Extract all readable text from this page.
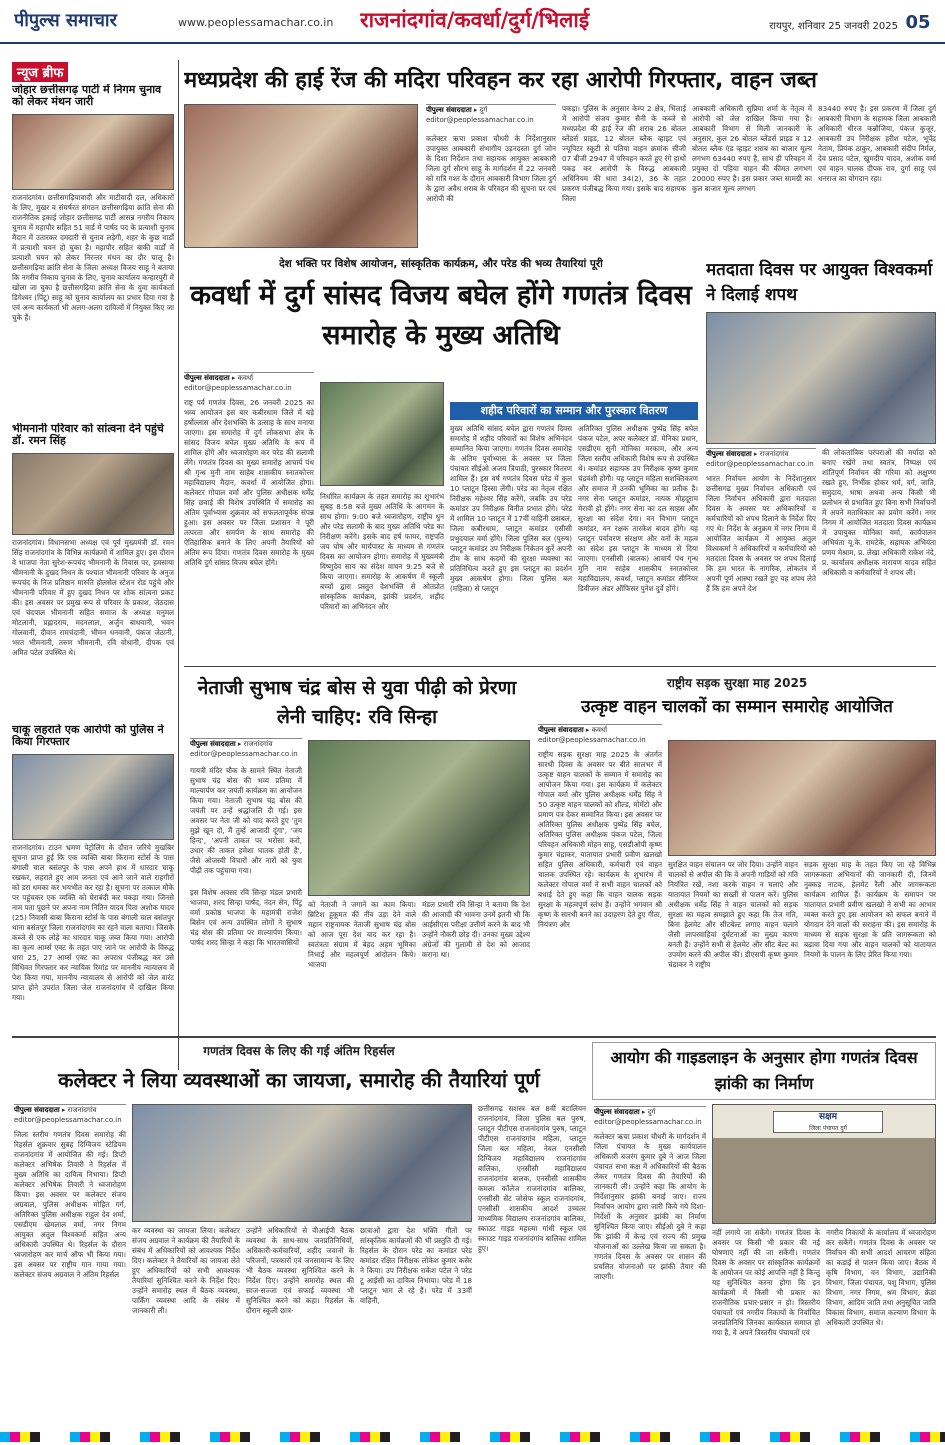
पीपुल्स समाचार	www.peoplessamachar.co.in	राजनांदगांव/कवर्धा/दुर्ग/भिलाई	रायपुर, शनिवार 25 जनवरी 2025 05
न्यूज ब्रीफ
जोहार छत्तीसगढ़ पार्टी में निगम चुनाव को लेकर मंथन जारी
राजनांदगांव। छत्तीसगढ़ियावादी और माटीवादी दल, अधिकारों के लिए, मुखर व संघर्षरत संगठन छत्तीसगढ़िया क्रांति सेना की राजनीतिक इकाई जोहार छत्तीसगढ़ पार्टी आसन्न नगरीय निकाय चुनाव में महापौर सहित 51 वार्ड में पार्षद पद के प्रत्याशी चुनाव मैदान में उतारकर दमदारी से चुनाव लड़ेगी, शहर के कुछ वार्डों में प्रत्याशी चयन हो चुका है। महापौर सहित बाकी वार्डों में प्रत्याशी चयन को लेकर निरन्तर मंथन का दौर चालू है। छत्तीसगढ़िया क्रांति सेना के जिला अध्यक्ष विजय साहू ने बताया कि नगरीय निकाय चुनाव के लिए, चुनाव कार्यालय कन्हारपुरी में खोला जा चुका है छत्तीसगढ़िया क्रांति सेना के युवा कार्यकर्ता डिगेश्वर (पिंटू) साहू को चुनाव कार्यालय का प्रभार दिया गया है एवं अन्य कार्यकर्ता भी अलग-अलग दायित्वों में नियुक्त किए जा चुके हैं।
भीमनानी परिवार को सांत्वना देने पहुंचे डॉ. रमन सिंह
राजनांदगांव। विधानसभा अध्यक्ष एवं पूर्व मुख्यमंत्री डॉ. रमन सिंह राजनांदगांव के विभिन्न कार्यक्रमों में शामिल हुए। इस दौरान वे भाजपा नेता सुरेश-रूपचंद भीमनानी के निवास पर, हमसाया भीमनानी के दुखद निधन के पश्चात भीमनानी परिवार के अनुज रूपचंद के निज प्रतिष्ठान मारुति होलसेल स्टेशन रोड पहुंचे और भीमनानी परिवार में हुए दुखद निधन पर शोक सांत्वना प्रकट की। इस अवसर पर प्रमुख रूप से परिवार के प्रकाश, जेठदास एवं चंदपाल भीमनानी सहित समाज के अध्यक्ष मनुमल मोटलानी, प्रह्लादराय, मदनलाल, अर्जुन बाधवानी, भवन गोलवानी, दीवान रामचंदानी, भीमन धनवानी, पंकज जेठानी, भरत भीमनानी, तरुण भीमनानी, रवि वोधानी, दीपक एवं अमित पटेल उपस्थित थे।
चाकू लहराते एक आरोपी को पुलिस ने किया गिरफ्तार
राजनांदगांव। टाउन भ्रमण पेट्रोलिंग के दौरान जरिये मुखबिर सूचना प्राप्त हुई कि एक व्यक्ति बाबा किराना स्टोर्स के पास बंगाली चाल बसंतपुर के पास अपने हाथ में धारदार चाकू रखकर, लहराते हुए आम जनता एवं आने जाने वाले राहगीरों को डरा धमका कर भयभीत कर रहा है। सूचना पर तत्काल मौके पर पहुंचकर एक व्यक्ति को घेराबंदी कर पकड़ा गया। जिनसे नाम पता पूछने पर अपना नाम नितिन यादव पिता अशोक यादव (25) निवासी बाबा किराना स्टोर्स के पास बंगाली चाल बसंतपुर थाना बसंतपुर जिला राजनांदगांव का रहने वाला बताया। जिसके कब्जे से एक लोहे का धारदार चाकू जब्त किया गया। आरोपी का कृत्य आर्म्स एक्ट के तहत पाए जाने पर आरोपी के विरुद्ध धारा 25, 27 आर्म्स एक्ट का अपराध पंजीबद्ध कर उसे विधिवत गिरफ्तार कर न्यायिक रिमांड पर माननीय न्यायालय में पेश किया गया, माननीय न्यायालय से आरोपी को जेल वारंट प्राप्त होने उपरांत जिला जेल राजनांदगांव में दाखिल किया गया।
मध्यप्रदेश की हाई रेंज की मदिरा परिवहन कर रहा आरोपी गिरफ्तार, वाहन जब्त
पीपुल्स संवाददाता ▸ दुर्ग
editor@peoplessamachar.co.in
कलेक्टर ऋचा प्रकाश चौधरी के निर्देशानुसार उपायुक्त आबकारी संभागीय उड़नदस्ता दुर्ग जोन के दिशा निर्देशन तथा सहायक आयुक्त आबकारी जिला दुर्ग सौरभ साहू के मार्गदर्शन में 22 जनवरी को रात्रि गश्त के दौरान आबकारी विभाग जिला दुर्ग के द्वारा अवैध शराब के परिवहन की सूचना पर एवं आरोपी की
पकड़ा। पुलिस के अनुसार केम्प 2 क्षेत्र, भिलाई में आरोपी संजय कुमार सैनी के कब्जे से मध्यप्रदेश की हाई रेंज की शराब 26 बोतल ब्लेंडर्स प्राइड, 12 बोतल ब्लैक व्हाइट एवं ज्यूपिटर स्कूटी से पतिया वाहन क्रमांक सीजी 07 बीजी 2947 में परिवहन करते हुए रंगे हाथों पकड़ कर आरोपी के विरुद्ध आबकारी अधिनियम की धारा 34(2), 36 के तहत प्रकरण पंजीबद्ध किया गया। इसके बाद सहायक जिला
आबकारी अधिकारी सुप्रिया शर्मा के नेतृत्व में आरोपी को जेल दाखिल किया गया है। आबकारी विभाग से मिली जानकारी के अनुसार, कुल 26 बोतल ब्लेंडर्स प्राइड व 12 बोतल ब्लैक एंड व्हाइट शराब का बाजार मूल्य लगभग 63440 रुपए है, साथ ही परिवहन में प्रयुक्त दो पहिया वाहन की कीमत लगभग 20000 रुपए है। इस प्रकार जब्त सामग्री का कुल बाजार मूल्य लगभग
83440 रुपए है। इस प्रकरण में जिला दुर्ग आबकारी विभाग के सहायक जिला आबकारी अधिकारी धीरज कन्नौजिया, पंकज कुजूर, आबकारी उप निरीक्षक हरीश पटेल, भूपेंद्र नेताम, प्रियंक ठाकुर, आबकारी संदीप निर्मल, देव प्रसाद पटेल, खुमदीप यादव, अशोक वर्मा एवं वाहन चालक दीपक राव, दुर्गा साहू एवं धनराज का योगदान रहा।
देश भक्ति पर विशेष आयोजन, सांस्कृतिक कार्यक्रम, और परेड की भव्य तैयारियां पूरी
कवर्धा में दुर्ग सांसद विजय बघेल होंगे गणतंत्र दिवस समारोह के मुख्य अतिथि
पीपुल्स संवाददाता ▸ कवर्धा
editor@peoplessamachar.co.in
राष्ट्र पर्व गणतंत्र दिवस, 26 जनवरी 2025 का भव्य आयोजन इस बार कबीरधाम जिले में बड़े हर्षोल्लास और देशभक्ति के उत्साह के साथ मनाया जाएगा। इस समारोह में दुर्ग लोकसभा क्षेत्र के सांसद विजय बघेल मुख्य अतिथि के रूप में शामिल होंगे और ध्वजारोहण कर परेड की सलामी लेंगे। गणतंत्र दिवस का मुख्य समारोह आचार्य पंथ श्री गृन्ध मुनी नाम साहेब शासकीय स्नातकोत्तर महाविद्यालय मैदान, कवर्धा में आयोजित होगा। कलेक्टर गोपाल वर्मा और पुलिस अधीक्षक धर्मेंद्र सिंह छवाई की विशेष उपस्थिति में समारोह का अंतिम पूर्वाभ्यास शुक्रवार को सफलतापूर्वक संपन्न हुआ। इस अवसर पर जिला प्रशासन ने पूरी तत्परता और समर्पण के साथ समारोह की ऐतिहासिक बनाने के लिए अपनी तैयारियों को अंतिम रूप दिया। गणतंत्र दिवस समारोह के मुख्य अतिथि दुर्ग सांसद विजय बघेल होंगे।
निर्धारित कार्यक्रम के तहत समारोह का शुभारंभ सुबह 8:58 बजे मुख्य अतिथि के आगमन के साथ होगा। 9:00 बजे ध्वजारोहण, राष्ट्रीय धुन और परेड सलामी के बाद मुख्य अतिथि परेड का निरीक्षण करेंगे। इसके बाद हर्ष फायर, राष्ट्रपति जय घोष और मार्चपास्ट के माध्यम से गणतंत्र दिवस का आयोजन होगा। समारोह में मुख्यमंत्री विष्णुदेव साय का संदेश वाचन 9:25 बजे से किया जाएगा। समारोह के आकर्षण में स्कूली बच्चों द्वारा प्रस्तुत देशभक्ति से ओतप्रोत सांस्कृतिक कार्यक्रम, झांकी प्रदर्शन, शहीद परिवारों का अभिनंदन और
शहीद परिवारों का सम्मान और पुरस्कार वितरण
मुख्य अतिथि सांसद बघेल द्वारा गणतंत्र दिवस समारोह में शहीद परिवारों का विशेष अभिनंदन सम्मानित किया जाएगा। गणतंत्र दिवस समारोह के अंतिम पूर्वाभ्यास के अवसर पर जिला पंचायत सीईओ अजय त्रिपाठी, पुरस्कार वितरण शामिल हैं। इस वर्ष गणतंत्र दिवस परेड में कुल 10 प्लाटून हिस्सा लेंगी। परेड का नेतृत्व रक्षित निरीक्षक महेश्वर सिंह करेंगे, जबकि उप परेड कमांडर उप निरीक्षक विनीत प्रभात होंगे। परेड में शामिल 10 प्लाटून में 17वीं वाहिनी छसबल, जिला कबीरधाम, प्लाटून कमांडर एसीसी प्रभुदयाल वर्मा होंगे। जिला पुलिस बल (पुरुष) प्लाटून कमांडर उप निरीक्षक निकेतन कुर्रे अपनी टीम के साथ कदमों की सुरक्षा व्यवस्था का प्रतिनिधित्व करते हुए इस प्लाटून का प्रदर्शन मुख्य आकर्षण होगा। जिला पुलिस बल (महिला) से प्लाटून
अतिरिक्त पुलिस अधीक्षक पुष्पेंद्र सिंह बघेल पंकज पटेल, अपर कलेक्टर डॉ. मेनिका प्रधान, एसडीएम सुनी मोनिका मरकाम, और अन्य जिला स्तरीय अधिकारी विशेष रूप से उपस्थित थे। कमांडर सहायक उप निरीक्षक कृष्ण कुमार चंद्रवंशी होंगी। यह प्लाटून महिला सशक्तिकरण और समाज में उनकी भूमिका का प्रतीक है। नगर सेना प्लाटून कमांडर, नायक मोहदूराम मेरावी हो होंगे। नगर सेना का दल साहस और सुरक्षा का संदेश देगा। वन विभाग प्लाटून कमांडर, वन रक्षक तारकेश बादव होंगे। यह प्लाटून पर्यावरण संरक्षण और वनों के महत्व का संदेश इस प्लाटून के माध्यम से दिया जाएगा। एनसीसी (बालक) आचार्य पंथ गृन्ध मुनि नाम साहेब शासकीय स्नातकोत्तर महाविद्यालय, कवर्धा, प्लाटून कमांडर सीनियर डिवीजन अंडर ऑफिसर पुनेश दुर्वे होंगे।
मतदाता दिवस पर आयुक्त विश्वकर्मा ने दिलाई शपथ
पीपुल्स संवाददाता ▸ राजनांदगांव
editor@peoplessamachar.co.in
भारत निर्वाचन आयोग के निर्देशानुसार छत्तीसगढ़ मुख्य निर्वाचन अधिकारी एवं जिला निर्वाचन अधिकारी द्वारा मतदाता दिवस के अवसर पर अधिकारियों व कर्मचारियों को शपथ दिलाने के निर्देश दिए गए थे। निर्देश के अनुक्रम में नगर निगम में आयोजित कार्यक्रम में आयुक्त अतुल विश्वकर्मा ने अधिकारियों व कर्मचारियों को मतदाता दिवस के अवसर पर शपथ दिलाई कि हम भारत के नागरिक, लोकतंत्र में अपनी पूर्ण आस्था रखते हुए यह शपथ लेते हैं कि हम अपने देश
की लोकतांत्रिक परंपराओं की मर्यादा को बनाए रखेंगे तथा स्वतंत्र, निष्पक्ष एवं शांतिपूर्ण निर्वाचन की गरिमा को अक्षुण्ण रखते हुए, निर्भीक होकर धर्म, वर्ग, जाति, समुदाय, भाषा अथवा अन्य किसी भी प्रलोभन से प्रभावित हुए बिना सभी निर्वाचनों में अपने मताधिकार का प्रयोग करेंगे। नगर निगम में आयोजित मतदाता दिवस कार्यक्रम में उपायुक्त मोनिका वर्मा, कार्यपालन अभियंता यू.के. रामटेके, सहायक अभियंता प्रणय मेश्राम, प्र. लेखा अधिकारी राकेश नंदे, प्र. कार्यालय अधीक्षक नारायण यादव सहित अधिकारी व कर्मचारियों ने शपथ ली।
नेताजी सुभाष चंद्र बोस से युवा पीढ़ी को प्रेरणा लेनी चाहिए: रवि सिन्हा
पीपुल्स संवाददाता ▸ राजनांदगांव
editor@peoplessamachar.co.in
गायत्री मंदिर चौक के सामने स्थित नेताजी सुभाष चंद्र बोस की भव्य प्रतिमा में माल्यार्पण कर जयंती कार्यक्रम का आयोजन किया गया। नेताजी सुभाष चंद्र बोस की जयंती पर उन्हें श्रद्धांजलि दी गई। इस अवसर पर नेता जी को याद करते हुए 'तुम मुझे खून दो, मैं तुम्हें आजादी दूंगा', 'जय हिन्द', 'अपनी ताकत पर भरोसा करो, उधार की ताकत हमेशा घातक होती है', जैसे ओजस्वी विचारों और नारों को युवा पीढ़ी तक पहुंचाया गया।
इस विशेष अवसर रवि सिन्हा मंडल प्रभारी भाजपा, शरद सिन्हा पार्षद, नंदन सेन, पिंटू वर्मा प्रकोष्ठ भाजपा के महामंत्री राजेश बिसेन एवं अन्य उपस्थित लोगों ने सुभाष चंद्र बोस की प्रतिमा पर माल्यार्पण किया। पार्षद शरद सिन्हा ने कहा कि भारतवासियों
को नेताजी ने जगाने का काम किया। ब्रिटिश हुकूमत की नींव उड़ा देने वाले महान राष्ट्रनायक नेताजी सुभाष चंद्र बोस को आज पूरा देश याद कर रहा है। स्वतंत्रता संग्राम में बेहद अहम भूमिका निभाई और महत्वपूर्ण आंदोलन किये। भाजपा
मंडल प्रभारी रवि सिन्हा ने बताया कि देश की आजादी की भावना उनमें इतनी थी कि आईसीएस परीक्षा उत्तीर्ण करने के बाद भी उन्होंने नौकरी छोड़ दी। उनका मुख्य उद्देश्य अंग्रेजों की गुलामी से देश को आजाद कराना था।
राष्ट्रीय सड़क सुरक्षा माह 2025
उत्कृष्ट वाहन चालकों का सम्मान समारोह आयोजित
पीपुल्स संवाददाता ▸ कवर्धा
editor@peoplessamachar.co.in
राष्ट्रीय सड़क सुरक्षा माह 2025 के अंतर्गत सारथी दिवस के अवसर पर बीते सालभर में उत्कृष्ट वाहन चालकों के सम्मान में समारोह का आयोजन किया गया। इस कार्यक्रम में कलेक्टर गोपाल वर्मा और पुलिस अधीक्षक धर्मेंद्र सिंह ने 50 उत्कृष्ट वाहन चालकों को शील्ड, मोमेंटो और प्रमाण पत्र देकर सम्मानित किया। इस अवसर पर अतिरिक्त पुलिस अधीक्षक पुष्पेंद्र सिंह बघेल, अतिरिक्त पुलिस अधीक्षक पंकज पटेल, जिला परिवहन अधिकारी मोहन साहू, एसडीओपी कृष्ण कुमार चंद्राकर, यातायात प्रभारी प्रवीण खलखो सहित पुलिस अधिकारी, कर्मचारी एवं वाहन चालक उपस्थित रहे। कार्यक्रम के शुभारंभ में कलेक्टर गोपाल वर्मा ने सभी वाहन चालकों को बधाई देते हुए कहा कि वाहन चालक सड़क सुरक्षा के महत्वपूर्ण स्तंभ हैं। उन्होंने भगवान श्री कृष्ण के सारथी बनने का उदाहरण देते हुए गीता, नियंत्रण और
सुरक्षित वाहन संचालन पर जोर दिया। उन्होंने वाहन चालकों से अपील की कि वे अपनी गाड़ियों को गति नियंत्रित रखें, नशा करके वाहन न चलाएं और यातायात नियमों का सख्ती से पालन करें। पुलिस अधीक्षक धर्मेंद्र सिंह ने वाहन चालकों को सड़क सुरक्षा का महत्व समझाते हुए कहा कि तेज गति, बिना हेलमेट और सीटबेल्ट लगाए वाहन चलाने जैसी लापरवाहियां दुर्घटनाओं का मुख्य कारण बनती हैं। उन्होंने सभी से हेलमेट और सीट बेल्ट का उपयोग करने की अपील की। डीएसपी कृष्ण कुमार चंद्राकर ने राष्ट्रीय
सड़क सुरक्षा माह के तहत किए जा रहे विभिन्न जागरूकता अभियानों की जानकारी दी, जिनमें नुक्कड़ नाटक, हेलमेट रैली और जागरूकता कार्यक्रम शामिल हैं। कार्यक्रम के समापन पर यातायात प्रभारी प्रवीण खलखो ने सभी का आभार व्यक्त करते हुए इस आयोजन को सफल बनाने में योगदान देने वालों की सराहना की। इस समारोह के माध्यम से सड़क सुरक्षा के प्रति जागरूकता को बढ़ावा दिया गया और वाहन चालकों को यातायात नियमों के पालन के लिए प्रेरित किया गया।
गणतंत्र दिवस के लिए की गई अंतिम रिहर्सल
कलेक्टर ने लिया व्यवस्थाओं का जायजा, समारोह की तैयारियां पूर्ण
पीपुल्स संवाददाता ▸ राजनांदगांव
editor@peoplessamachar.co.in
जिला स्तरीय गणतंत्र दिवस समारोह की रिहर्सल शुक्रवार सुबह दिग्विजय स्टेडियम राजनांदगांव में आयोजित की गई। डिप्टी कलेक्टर अभिषेक तिवारी ने रिहर्सल में मुख्य अतिथि का दायित्व निभाया। डिप्टी कलेक्टर अभिषेक तिवारी ने ध्वजारोहण किया। इस अवसर पर कलेक्टर संजय अग्रवाल, पुलिस अधीक्षक मोहित गर्ग, अतिरिक्त पुलिस अधीक्षक राहुल देव शर्मा, एसडीएम खेमलाल वर्मा, नगर निगम आयुक्त अतुल विश्वकर्मा सहित अन्य अधिकारी उपस्थित थे। रिहर्सल के दौरान ध्वजारोहण कर मार्च ऑफ भी किया गया। इस अवसर पर राष्ट्रीय गान गाया गया। कलेक्टर संजय अग्रवाल ने अंतिम रिहर्सल
कर व्यवस्था का जायजा लिया। कलेक्टर संजय अग्रवाल ने कार्यक्रम की तैयारियों के संबंध में अधिकारियों को आवश्यक निर्देश दिए। कलेक्टर ने तैयारियों का जायजा लेते हुए अधिकारियों को सभी आवश्यक तैयारियां सुनिश्चित करने के निर्देश दिए। उन्होंने समारोह स्थल में बैठक व्यवस्था, पार्किंग व्यवस्था आदि के संबंध में जानकारी ली।
उन्होंने अधिकारियों से वीआईपी बैठक व्यवस्था के साथ-साथ जनप्रतिनिधियों, अधिकारी-कर्मचारियों, शहीद जवानों के परिजनों, पत्रकारों एवं जनसामान्य के लिए भी बैठक व्यवस्था सुनिश्चित करने के निर्देश दिए। उन्होंने समारोह स्थल की साज-सज्जा एवं सफाई व्यवस्था भी सुनिश्चित करने को कहा। रिहर्सल के दौरान स्कूली छात्र-
छात्राओं द्वारा देश भक्ति गीतों पर सांस्कृतिक कार्यक्रमों की भी प्रस्तुति दी गई। रिहर्सल के दौरान परेड का कमांडर परेड कमांडर रक्षित निरीक्षक लोकेश कुमार कसेर ने किया। उप निरीक्षक राकेश पटेल ने परेड टू आईसी का दायित्व निभाया। परेड में 18 प्लाटून भाग ले रहे हैं। परेड में 33वीं वाहिनी,
छत्तीसगढ़ सशस्त्र बल 8वीं बटालियन राजनांदगांव, जिला पुलिस बल पुरुष, प्लाटून पीटीएस राजनांदगांव पुरुष, प्लाटून पीटीएस राजनांदगांव महिला, प्लाटून जिला बल महिला, नेवल एनसीसी दिग्विजय महाविद्यालय राजनांदगांव बालिका, एनसीसी महाविद्यालय राजनांदगांव बालक, एनसीसी शासकीय कमला कॉलेज राजनांदगांव बालिका, एनसीसी सेंट जोसेफ स्कूल राजनांदगांव, एनसीसी शासकीय आदर्श उच्चतर माध्यमिक विद्यालय राजनांदगांव बालिका, स्काउट गाइड महात्मा गांधी स्कूल एवं स्काउट गाइड राजनांदगांव बालिका शामिल हुए।
आयोग की गाइडलाइन के अनुसार होगा गणतंत्र दिवस झांकी का निर्माण
पीपुल्स संवाददाता ▸ दुर्ग
editor@peoplessamachar.co.in
कलेक्टर ऋचा प्रकाश चौधरी के मार्गदर्शन में जिला पंचायत के मुख्य कार्यपालन अधिकारी बजरंग कुमार दुबे ने आज जिला पंचायत सभा कक्ष में अधिकारियों की बैठक लेकर गणतंत्र दिवस की तैयारियों की जानकारी ली। उन्होंने कहा कि आयोग के निर्देशानुसार झांकी बनाई जाए। राज्य निर्वाचन आयोग द्वारा जारी किये गये दिशा-निर्देशों के अनुसार झांकी का निर्माण सुनिश्चित किया जाए। सीईओ दुबे ने कहा कि झांकी में केन्द्र एवं राज्य की प्रमुख योजनाओं का उल्लेख किया जा सकता है। गणतंत्र दिवस के अवसर पर शासन की प्रचलित योजनाओं पर झांकी तैयार की जाएगी।
सक्षम
जिला पंचायत दुर्ग
नहीं लगाये जा सकेंगे। गणतंत्र दिवस के अवसर पर किसी भी प्रकार की नई घोषणाएं नहीं की जा सकेंगी। गणतंत्र दिवस के अवसर पर सांस्कृतिक कार्यक्रमों के आयोजन पर कोई आपत्ति नहीं है किन्तु यह सुनिश्चित करना होगा कि इन कार्यक्रमों में किसी भी प्रकार का राजनीतिक प्रचार-प्रसार न हो। त्रिस्तरीय पंचायतों एवं नगरीय निकायों के निर्वाचित जनप्रतिनिधि जिनका कार्यकाल समाप्त हो गया है, वे अपने त्रिस्तरीय पंचायतों एवं
नगरीय निकायों के कार्यालय में ध्वजारोहण कर सकेंगे। गणतंत्र दिवस के अवसर पर निर्वाचन की सभी आदर्श आचरण संहिता का कड़ाई से पालन किया जाए। बैठक में कृषि विभाग, वन विभाग, उद्यानिकी विभाग, जिला पंचायत, पशु विभाग, पुलिस विभाग, नगर निगम, श्रम विभाग, क्रेडा विभाग, आदिम जाति तथा अनुसूचित जाति विकास विभाग, समाज कल्याण विभाग के अधिकारी उपस्थित थे।
